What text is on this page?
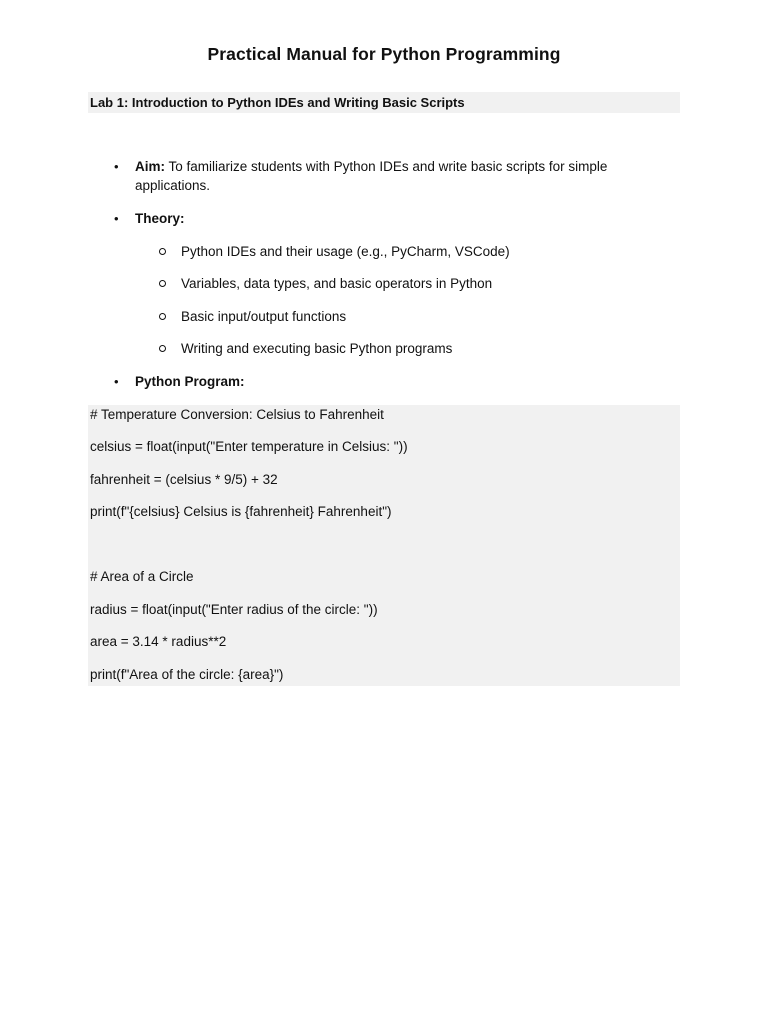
Practical Manual for Python Programming
Lab 1: Introduction to Python IDEs and Writing Basic Scripts
• Aim: To familiarize students with Python IDEs and write basic scripts for simple applications.
• Theory:
Python IDEs and their usage (e.g., PyCharm, VSCode)
Variables, data types, and basic operators in Python
Basic input/output functions
Writing and executing basic Python programs
• Python Program:
# Temperature Conversion: Celsius to Fahrenheit
celsius = float(input("Enter temperature in Celsius: "))
fahrenheit = (celsius * 9/5) + 32
print(f"{celsius} Celsius is {fahrenheit} Fahrenheit")
# Area of a Circle
radius = float(input("Enter radius of the circle: "))
area = 3.14 * radius**2
print(f"Area of the circle: {area}")
